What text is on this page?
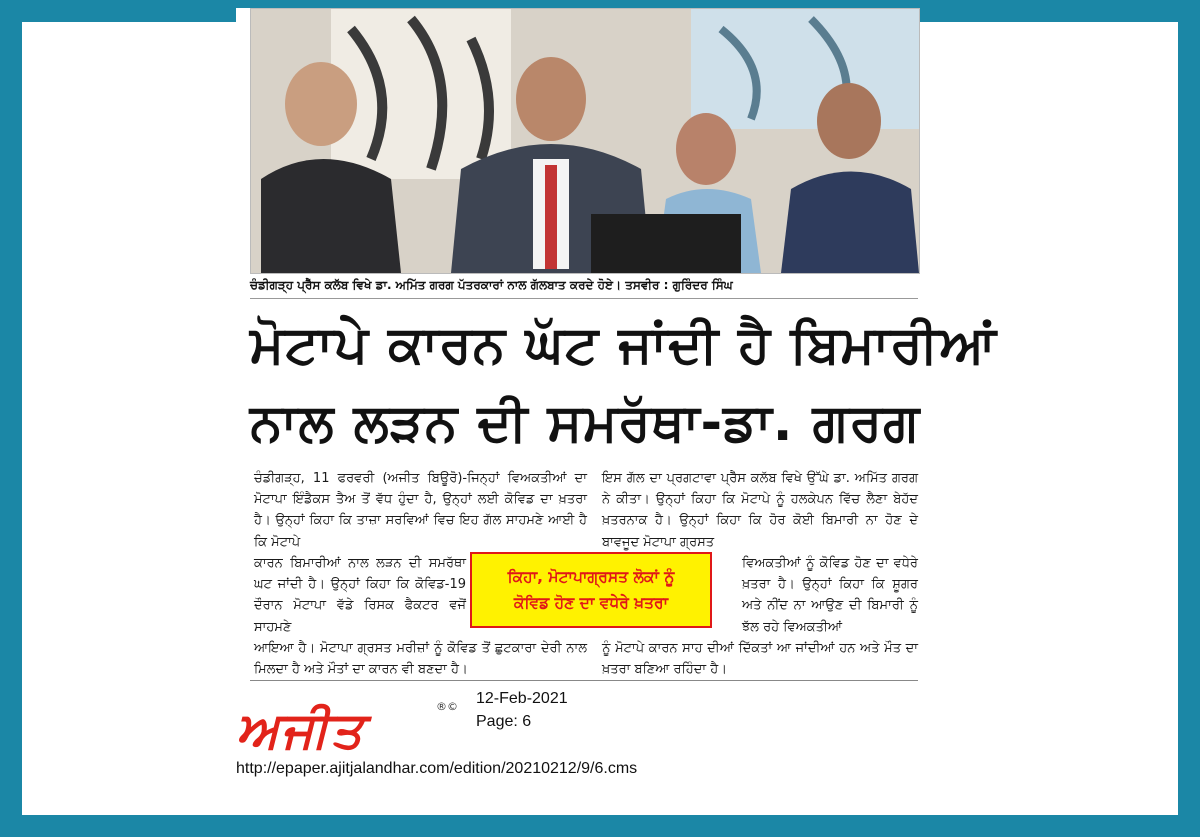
ਚੰਡੀਗੜ੍ਹ ਪ੍ਰੈੱਸ ਕਲੱਬ ਵਿਖੇ ਡਾ. ਅਮਿੱਤ ਗਰਗ ਪੱਤਰਕਾਰਾਂ ਨਾਲ ਗੱਲਬਾਤ ਕਰਦੇ ਹੋਏ। ਤਸਵੀਰ : ਗੁਰਿੰਦਰ ਸਿੰਘ
ਮੋਟਾਪੇ ਕਾਰਨ ਘੱਟ ਜਾਂਦੀ ਹੈ ਬਿਮਾਰੀਆਂ
ਨਾਲ ਲੜਨ ਦੀ ਸਮਰੱਥਾ-ਡਾ. ਗਰਗ
ਚੰਡੀਗੜ੍ਹ, 11 ਫਰਵਰੀ (ਅਜੀਤ ਬਿਊਰੋ)-ਜਿਨ੍ਹਾਂ ਵਿਅਕਤੀਆਂ ਦਾ ਮੋਟਾਪਾ ਇੰਡੈਕਸ ਤੈਅ ਤੋਂ ਵੱਧ ਹੁੰਦਾ ਹੈ, ਉਨ੍ਹਾਂ ਲਈ ਕੋਵਿਡ ਦਾ ਖ਼ਤਰਾ ਹੈ। ਉਨ੍ਹਾਂ ਕਿਹਾ ਕਿ ਤਾਜ਼ਾ ਸਰਵਿਆਂ ਵਿਚ ਇਹ ਗੱਲ ਸਾਹਮਣੇ ਆਈ ਹੈ ਕਿ ਮੋਟਾਪੇ
ਇਸ ਗੱਲ ਦਾ ਪ੍ਰਗਟਾਵਾ ਪ੍ਰੈੱਸ ਕਲੱਬ ਵਿਖੇ ਉੱਘੇ ਡਾ. ਅਮਿੱਤ ਗਰਗ ਨੇ ਕੀਤਾ। ਉਨ੍ਹਾਂ ਕਿਹਾ ਕਿ ਮੋਟਾਪੇ ਨੂੰ ਹਲਕੇਪਨ ਵਿੱਚ ਲੈਣਾ ਬੇਹੱਦ ਖ਼ਤਰਨਾਕ ਹੈ। ਉਨ੍ਹਾਂ ਕਿਹਾ ਕਿ ਹੋਰ ਕੋਈ ਬਿਮਾਰੀ ਨਾ ਹੋਣ ਦੇ ਬਾਵਜੂਦ ਮੋਟਾਪਾ ਗ੍ਰਸਤ
ਕਾਰਨ ਬਿਮਾਰੀਆਂ ਨਾਲ ਲੜਨ ਦੀ ਸਮਰੱਥਾ ਘਟ ਜਾਂਦੀ ਹੈ। ਉਨ੍ਹਾਂ ਕਿਹਾ ਕਿ ਕੋਵਿਡ-19 ਦੌਰਾਨ ਮੋਟਾਪਾ ਵੱਡੇ ਰਿਸਕ ਫੈਕਟਰ ਵਜੋਂ ਸਾਹਮਣੇ
ਵਿਅਕਤੀਆਂ ਨੂੰ ਕੋਵਿਡ ਹੋਣ ਦਾ ਵਧੇਰੇ ਖ਼ਤਰਾ ਹੈ। ਉਨ੍ਹਾਂ ਕਿਹਾ ਕਿ ਸ਼ੂਗਰ ਅਤੇ ਨੀਂਦ ਨਾ ਆਉਣ ਦੀ ਬਿਮਾਰੀ ਨੂੰ ਝੱਲ ਰਹੇ ਵਿਅਕਤੀਆਂ
ਆਇਆ ਹੈ। ਮੋਟਾਪਾ ਗ੍ਰਸਤ ਮਰੀਜ਼ਾਂ ਨੂੰ ਕੋਵਿਡ ਤੋਂ ਛੁਟਕਾਰਾ ਦੇਰੀ ਨਾਲ ਮਿਲਦਾ ਹੈ ਅਤੇ ਮੌਤਾਂ ਦਾ ਕਾਰਨ ਵੀ ਬਣਦਾ ਹੈ।
ਨੂੰ ਮੋਟਾਪੇ ਕਾਰਨ ਸਾਹ ਦੀਆਂ ਦਿੱਕਤਾਂ ਆ ਜਾਂਦੀਆਂ ਹਨ ਅਤੇ ਮੌਤ ਦਾ ਖ਼ਤਰਾ ਬਣਿਆ ਰਹਿੰਦਾ ਹੈ।
ਕਿਹਾ, ਮੋਟਾਪਾਗ੍ਰਸਤ ਲੋਕਾਂ ਨੂੰ
ਕੋਵਿਡ ਹੋਣ ਦਾ ਵਧੇਰੇ ਖ਼ਤਰਾ
ਅਜੀਤ	®© 12-Feb-2021
Page: 6
http://epaper.ajitjalandhar.com/edition/20210212/9/6.cms
